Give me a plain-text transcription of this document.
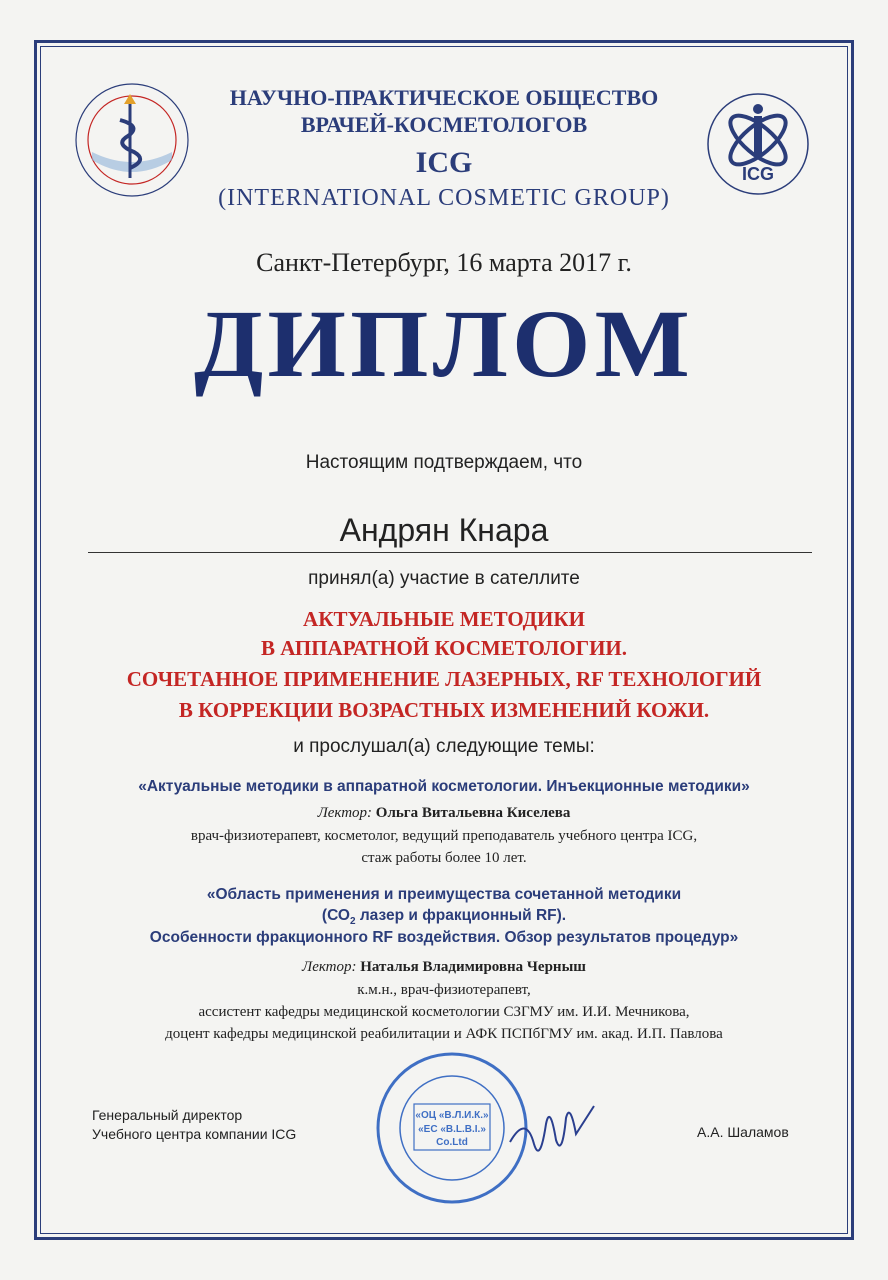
ICG
НАУЧНО-ПРАКТИЧЕСКОЕ ОБЩЕСТВО
ВРАЧЕЙ-КОСМЕТОЛОГОВ
ICG
(INTERNATIONAL COSMETIC GROUP)
Санкт-Петербург, 16 марта 2017 г.
ДИПЛОМ
Настоящим подтверждаем, что
Андрян Кнара
принял(а) участие в сателлите
АКТУАЛЬНЫЕ МЕТОДИКИ
В АППАРАТНОЙ КОСМЕТОЛОГИИ.
СОЧЕТАННОЕ ПРИМЕНЕНИЕ ЛАЗЕРНЫХ, RF ТЕХНОЛОГИЙ
В КОРРЕКЦИИ ВОЗРАСТНЫХ ИЗМЕНЕНИЙ КОЖИ.
и прослушал(а) следующие темы:
«Актуальные методики в аппаратной косметологии. Инъекционные методики»
Лектор: Ольга Витальевна Киселева
врач-физиотерапевт, косметолог, ведущий преподаватель учебного центра ICG,
стаж работы более 10 лет.
«Область применения и преимущества сочетанной методики
($СО_2$ лазер и фракционный RF).
Особенности фракционного RF воздействия. Обзор результатов процедур»
Лектор: Наталья Владимировна Черныш
к.м.н., врач-физиотерапевт,
ассистент кафедры медицинской косметологии СЗГМУ им. И.И. Мечникова,
доцент кафедры медицинской реабилитации и АФК ПСПбГМУ им. акад. И.П. Павлова
«ОЦ «В.Л.И.К.»
«ЕС «B.L.B.I.»
Co.Ltd
Генеральный директор
Учебного центра компании ICG	А.А. Шаламов
